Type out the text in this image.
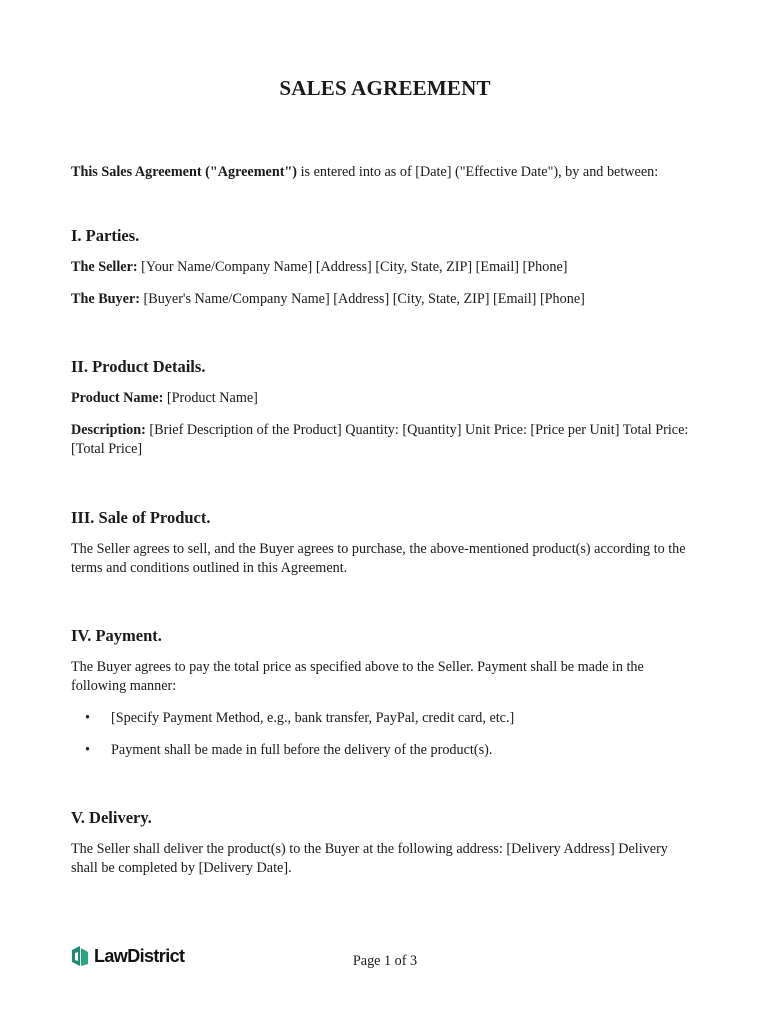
SALES AGREEMENT

This Sales Agreement ("Agreement") is entered into as of [Date] ("Effective Date"), by and between:

I. Parties.

The Seller: [Your Name/Company Name] [Address] [City, State, ZIP] [Email] [Phone]

The Buyer: [Buyer's Name/Company Name] [Address] [City, State, ZIP] [Email] [Phone]

II. Product Details.

Product Name: [Product Name]

Description: [Brief Description of the Product] Quantity: [Quantity] Unit Price: [Price per Unit] Total Price: [Total Price]

III. Sale of Product.

The Seller agrees to sell, and the Buyer agrees to purchase, the above-mentioned product(s) according to the terms and conditions outlined in this Agreement.

IV. Payment.

The Buyer agrees to pay the total price as specified above to the Seller. Payment shall be made in the following manner:

• [Specify Payment Method, e.g., bank transfer, PayPal, credit card, etc.]
• Payment shall be made in full before the delivery of the product(s).
V. Delivery.

The Seller shall deliver the product(s) to the Buyer at the following address: [Delivery Address] Delivery shall be completed by [Delivery Date].

LawDistrict	Page 1 of 3
